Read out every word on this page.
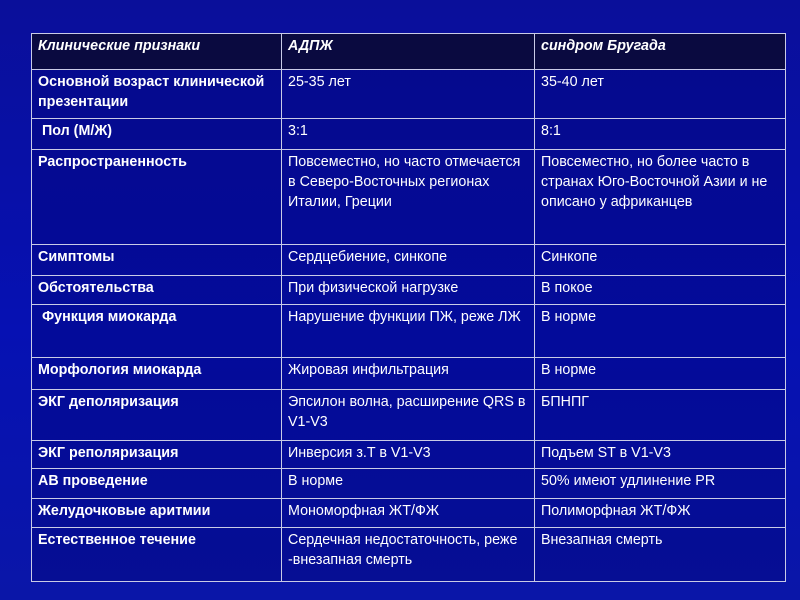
Клинические признаки	АДПЖ	синдром Бругада
Основной возраст клинической презентации	25-35 лет	35-40 лет
Пол (М/Ж)	3:1	8:1
Распространенность	Повсеместно, но часто отмечается в Северо-Восточных регионах Италии, Греции	Повсеместно, но более часто в странах Юго-Восточной Азии и не описано у африканцев
Симптомы	Сердцебиение, синкопе	Синкопе
Обстоятельства	При физической нагрузке	В покое
Функция миокарда	Нарушение функции ПЖ, реже ЛЖ	В норме
Морфология миокарда	Жировая инфильтрация	В норме
ЭКГ деполяризация	Эпсилон волна, расширение QRS в V1-V3	БПНПГ
ЭКГ реполяризация	Инверсия з.T в V1-V3	Подъем ST в V1-V3
АВ проведение	В норме	50% имеют удлинение PR
Желудочковые аритмии	Мономорфная ЖТ/ФЖ	Полиморфная ЖТ/ФЖ
Естественное течение	Сердечная недостаточность, реже -внезапная смерть	Внезапная смерть
